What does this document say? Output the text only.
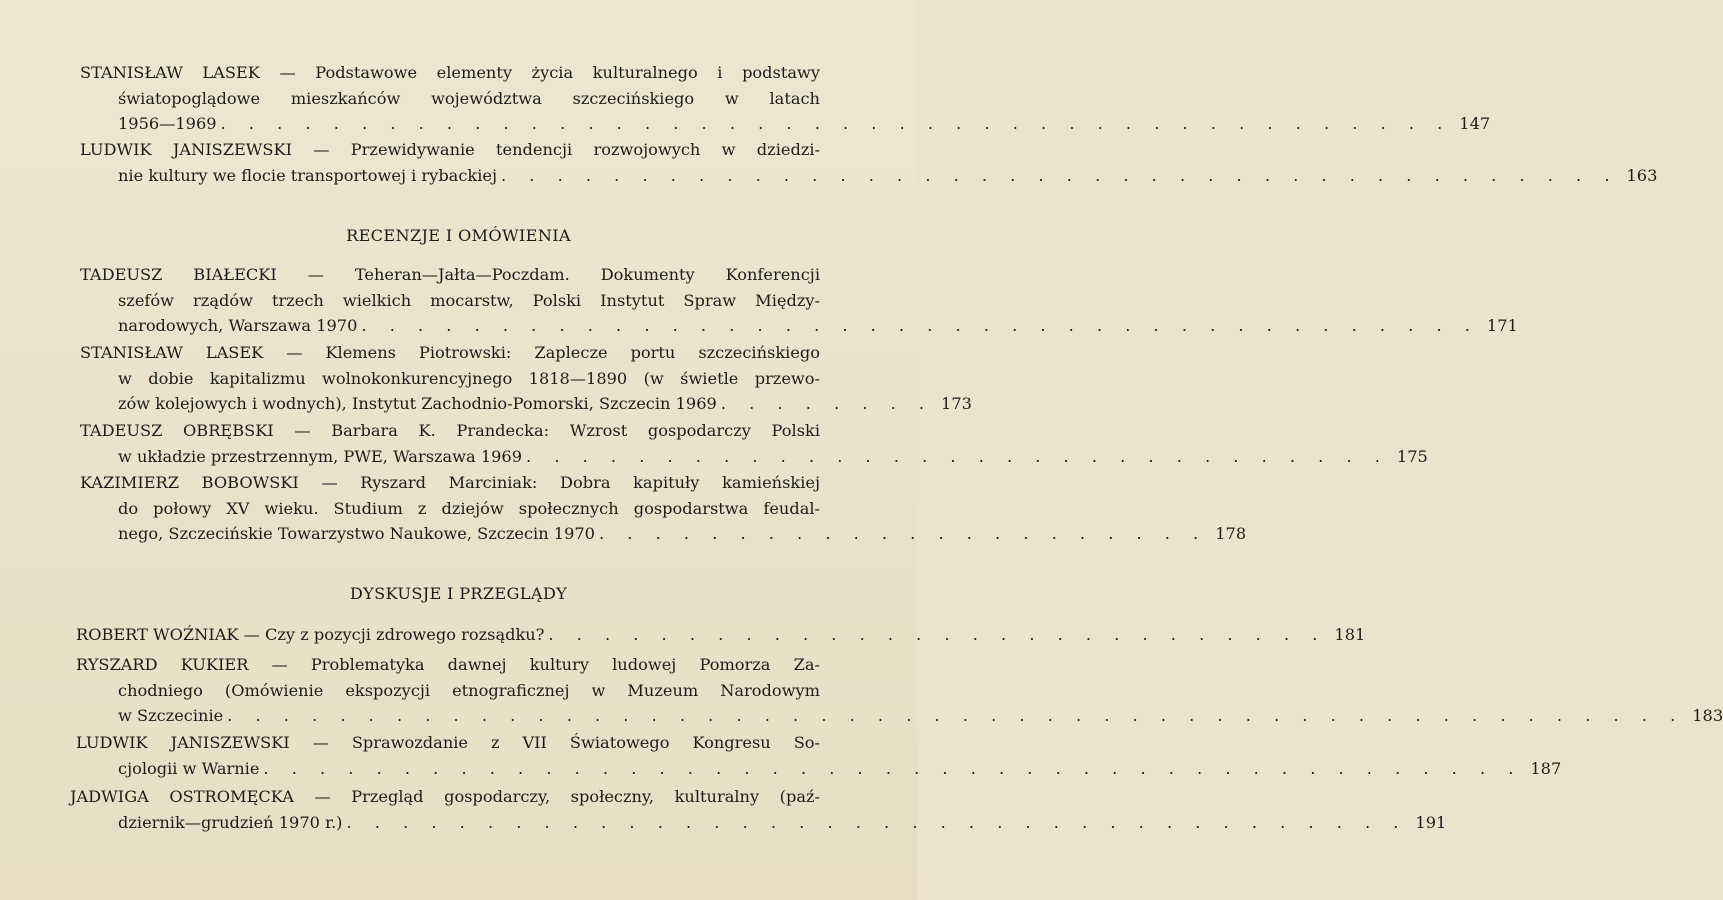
STANISŁAW LASEK — Podstawowe elementy życia kulturalnego i podstawy
światopoglądowe mieszkańców województwa szczecińskiego w latach
1956—1969 . . . . . . . . . . . . . . . . . . . . . . . . . . . . . . . . . . . . . . . . . . . . 147
LUDWIK JANISZEWSKI — Przewidywanie tendencji rozwojowych w dziedzi-
nie kultury we flocie transportowej i rybackiej . . . . . . . . . . . . . . . . . . . . . . . . . . . . . . . . . . . . . . . . 163
RECENZJE I OMÓWIENIA
TADEUSZ BIAŁECKI — Teheran—Jałta—Poczdam. Dokumenty Konferencji
szefów rządów trzech wielkich mocarstw, Polski Instytut Spraw Między-
narodowych, Warszawa 1970 . . . . . . . . . . . . . . . . . . . . . . . . . . . . . . . . . . . . . . . . 171
STANISŁAW LASEK — Klemens Piotrowski: Zaplecze portu szczecińskiego
w dobie kapitalizmu wolnokonkurencyjnego 1818—1890 (w świetle przewo-
zów kolejowych i wodnych), Instytut Zachodnio-Pomorski, Szczecin 1969 . . . . . . . . 173
TADEUSZ OBRĘBSKI — Barbara K. Prandecka: Wzrost gospodarczy Polski
w układzie przestrzennym, PWE, Warszawa 1969 . . . . . . . . . . . . . . . . . . . . . . . . . . . . . . . 175
KAZIMIERZ BOBOWSKI — Ryszard Marciniak: Dobra kapituły kamieńskiej
do połowy XV wieku. Studium z dziejów społecznych gospodarstwa feudal-
nego, Szczecińskie Towarzystwo Naukowe, Szczecin 1970 . . . . . . . . . . . . . . . . . . . . . . 178
DYSKUSJE I PRZEGLĄDY
ROBERT WOŹNIAK — Czy z pozycji zdrowego rozsądku? . . . . . . . . . . . . . . . . . . . . . . . . . . . . 181
RYSZARD KUKIER — Problematyka dawnej kultury ludowej Pomorza Za-
chodniego (Omówienie ekspozycji etnograficznej w Muzeum Narodowym
w Szczecinie . . . . . . . . . . . . . . . . . . . . . . . . . . . . . . . . . . . . . . . . . . . . . . . . . . . . 183
LUDWIK JANISZEWSKI — Sprawozdanie z VII Światowego Kongresu So-
cjologii w Warnie . . . . . . . . . . . . . . . . . . . . . . . . . . . . . . . . . . . . . . . . . . . . . 187
JADWIGA OSTROMĘCKA — Przegląd gospodarczy, społeczny, kulturalny (paź-
dziernik—grudzień 1970 r.) . . . . . . . . . . . . . . . . . . . . . . . . . . . . . . . . . . . . . . 191
